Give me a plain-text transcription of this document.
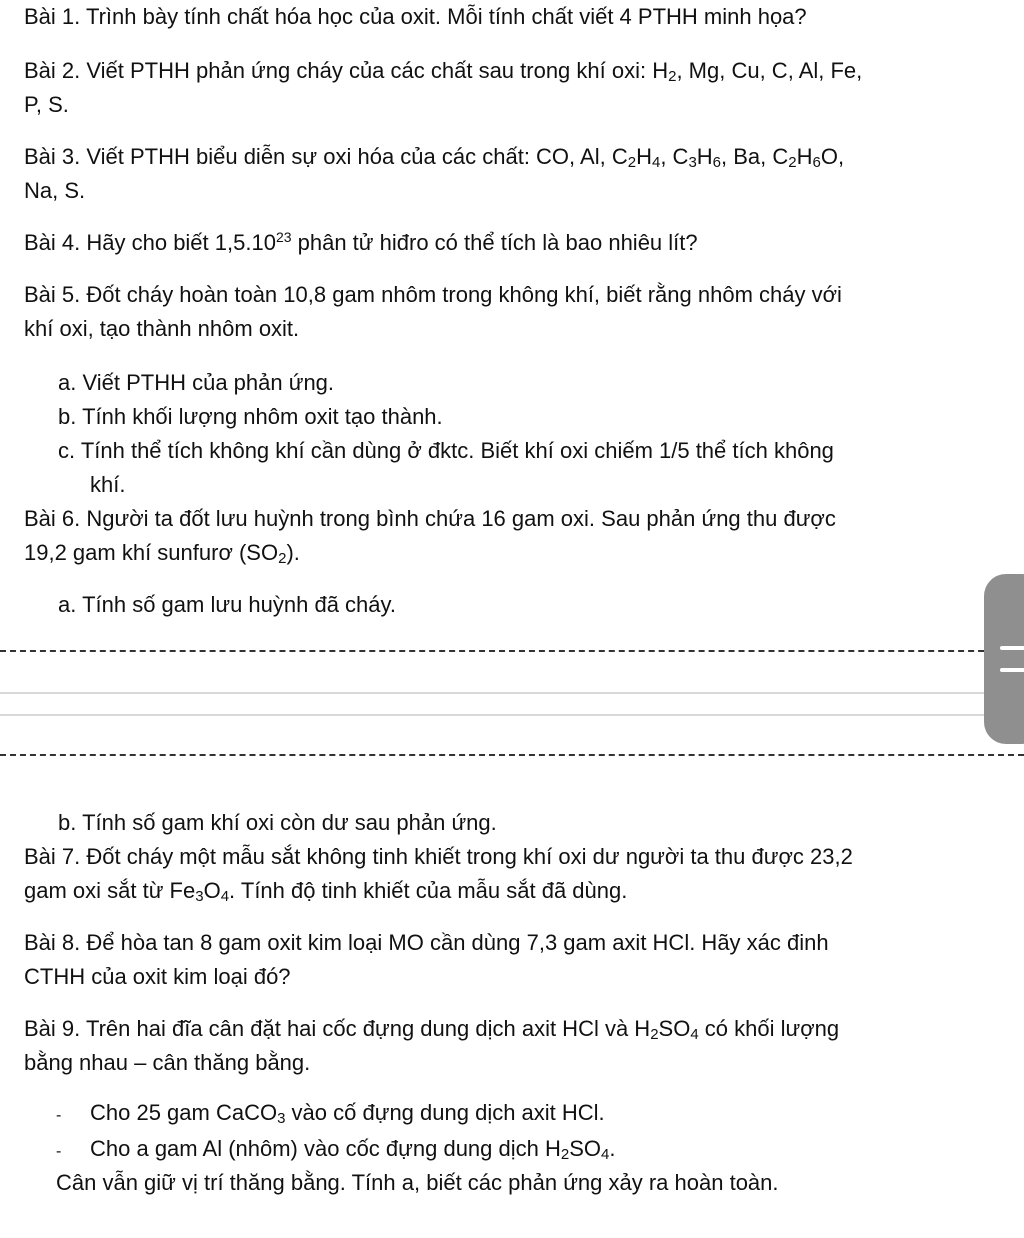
Bài 1. Trình bày tính chất hóa học của oxit. Mỗi tính chất viết 4 PTHH minh họa?
Bài 2. Viết PTHH phản ứng cháy của các chất sau trong khí oxi: $H_2$, Mg, Cu, C, Al, Fe,
P, S.
Bài 3. Viết PTHH biểu diễn sự oxi hóa của các chất: CO, Al, $C_2H_4$, $C_3H_6$, Ba, $C_2H_6O$,
Na, S.
Bài 4. Hãy cho biết 1,5.10$^{23}$ phân tử hiđro có thể tích là bao nhiêu lít?
Bài 5. Đốt cháy hoàn toàn 10,8 gam nhôm trong không khí, biết rằng nhôm cháy với
khí oxi, tạo thành nhôm oxit.
a. Viết PTHH của phản ứng.
b. Tính khối lượng nhôm oxit tạo thành.
c. Tính thể tích không khí cần dùng ở đktc. Biết khí oxi chiếm 1/5 thể tích không
khí.
Bài 6. Người ta đốt lưu huỳnh trong bình chứa 16 gam oxi. Sau phản ứng thu được
19,2 gam khí sunfurơ $(SO_2)$.
a. Tính số gam lưu huỳnh đã cháy.
b. Tính số gam khí oxi còn dư sau phản ứng.
Bài 7. Đốt cháy một mẫu sắt không tinh khiết trong khí oxi dư người ta thu được 23,2
gam oxi sắt từ $Fe_3O_4$. Tính độ tinh khiết của mẫu sắt đã dùng.
Bài 8. Để hòa tan 8 gam oxit kim loại MO cần dùng 7,3 gam axit HCl. Hãy xác đinh
CTHH của oxit kim loại đó?
Bài 9. Trên hai đĩa cân đặt hai cốc đựng dung dịch axit HCl và $H_2SO_4$ có khối lượng
bằng nhau – cân thăng bằng.
- Cho 25 gam CaCO$_3$ vào cố đựng dung dịch axit HCl.
- Cho a gam Al (nhôm) vào cốc đựng dung dịch $H_2SO_4$.
Cân vẫn giữ vị trí thăng bằng. Tính a, biết các phản ứng xảy ra hoàn toàn.
